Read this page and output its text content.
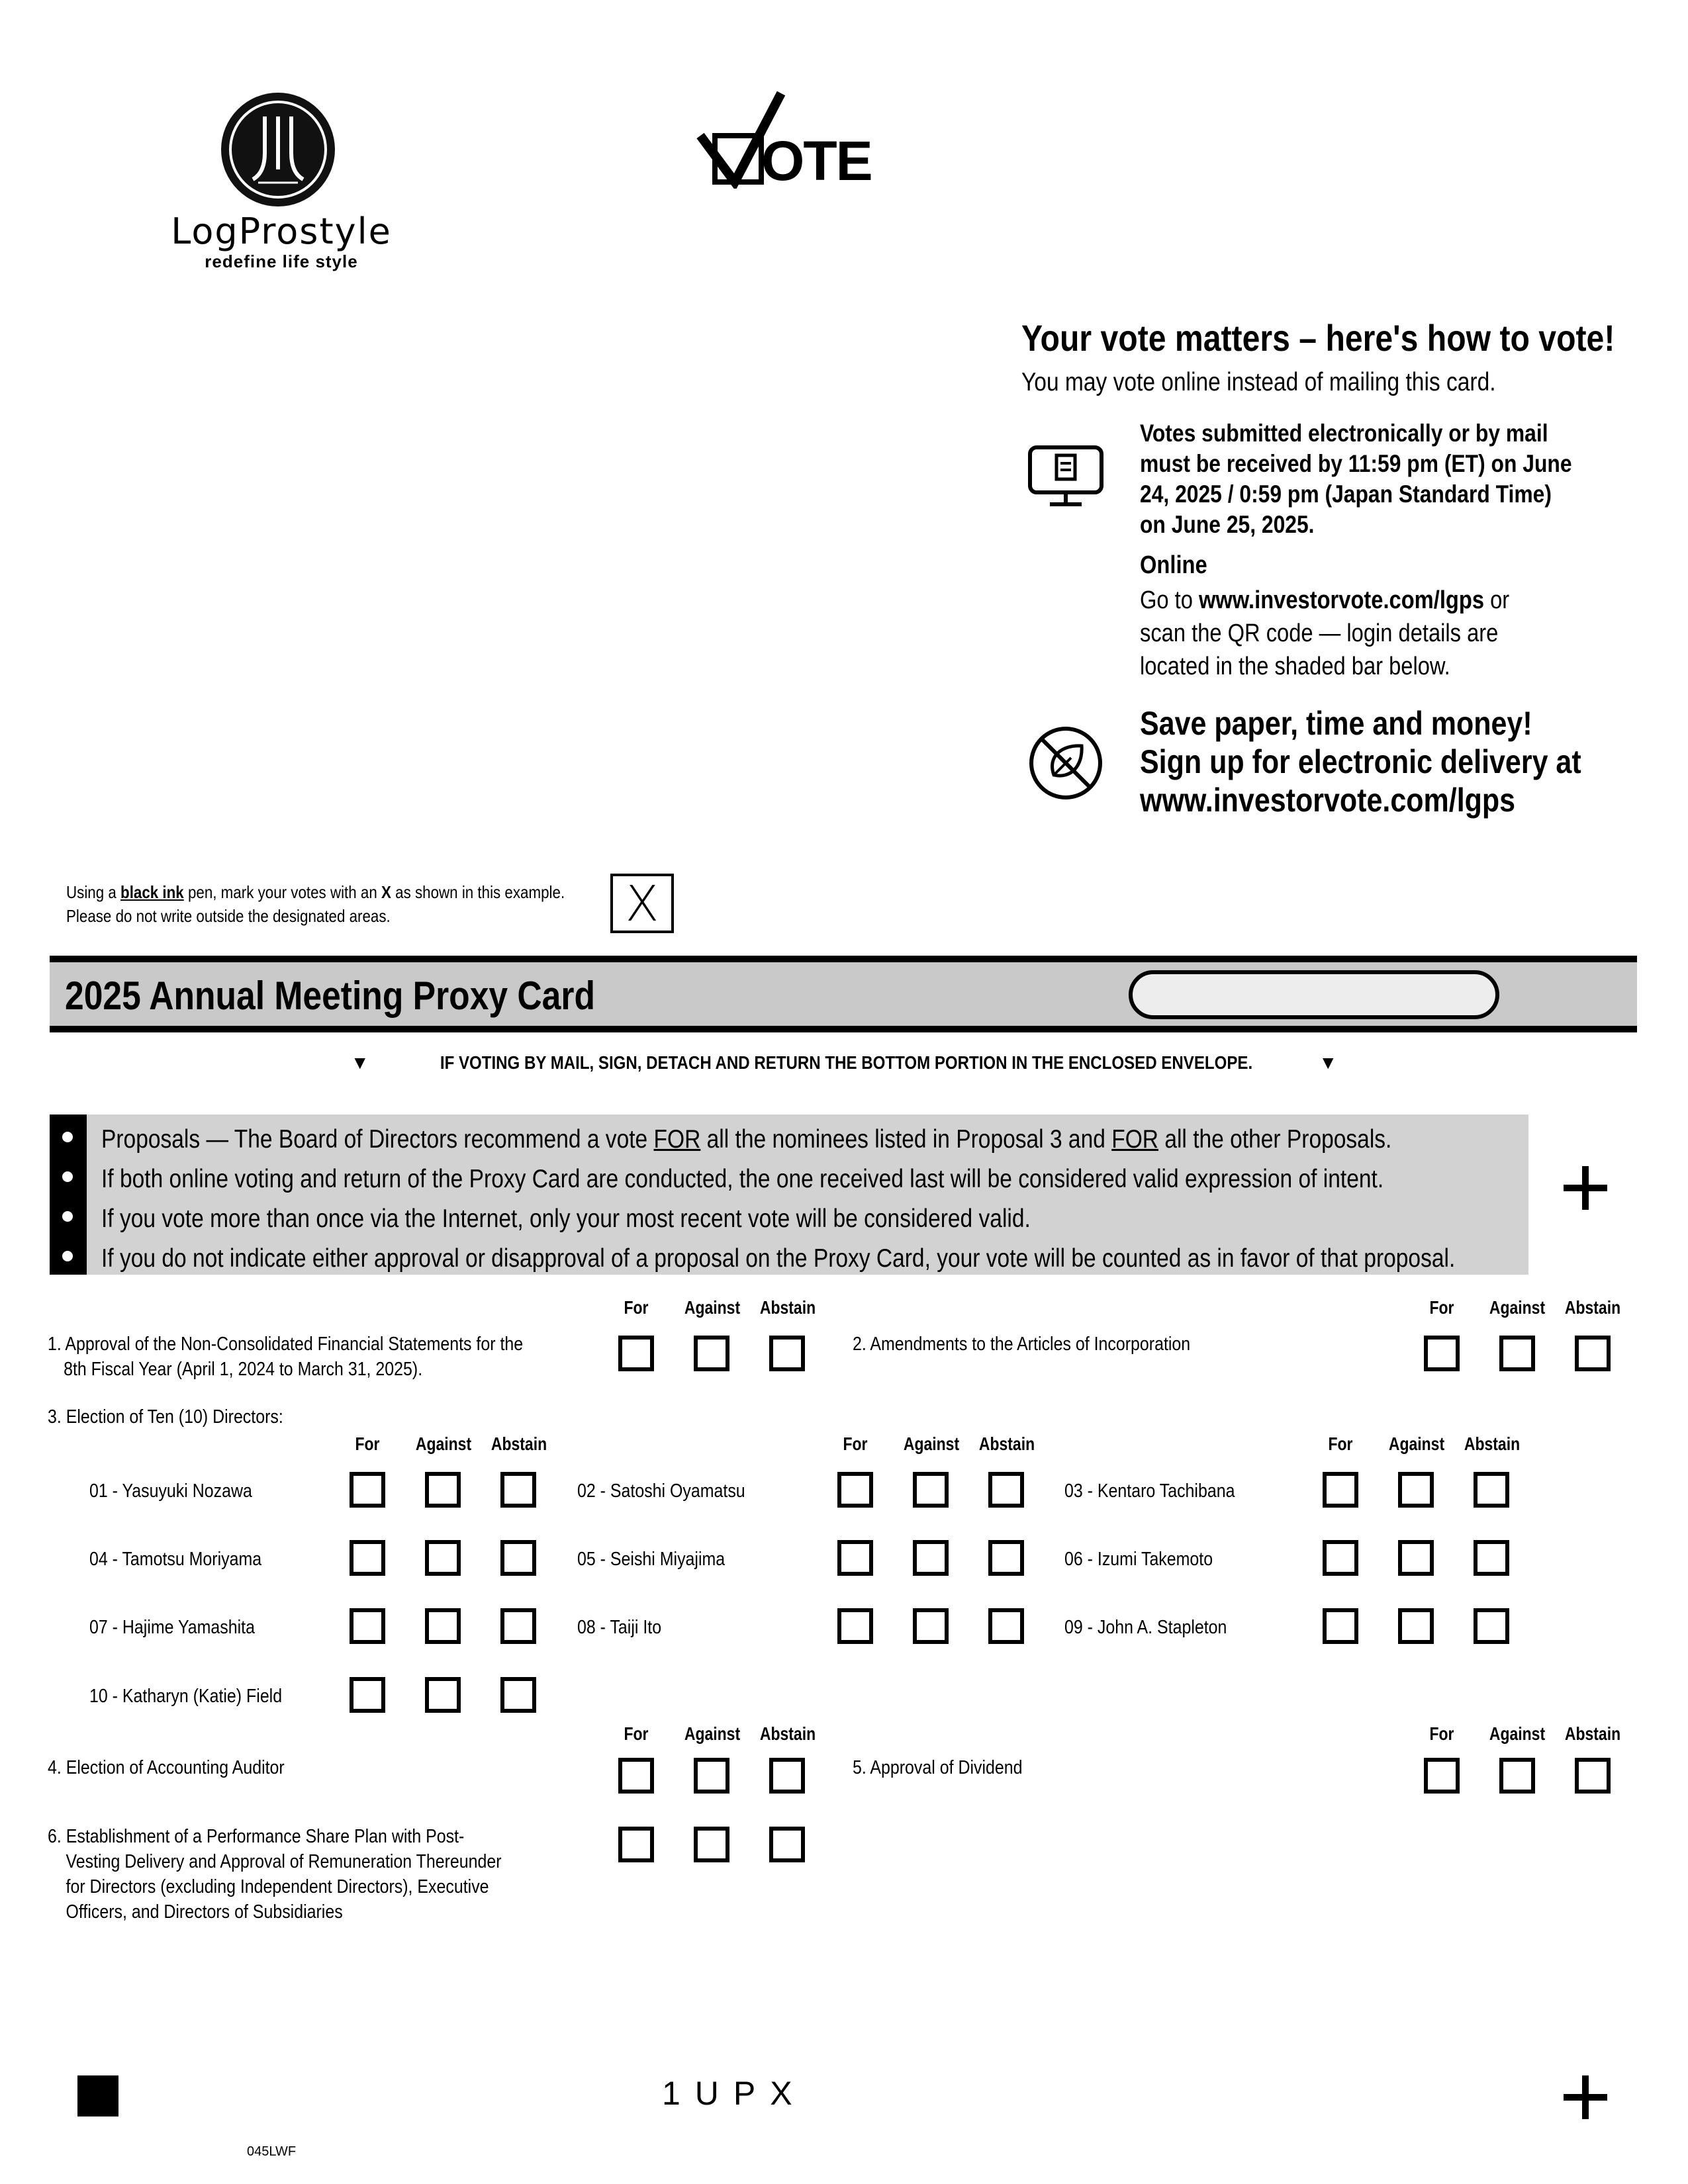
LogProstyle
redefine life style
OTE
Your vote matters – here's how to vote!
You may vote online instead of mailing this card.
Votes submitted electronically or by mail must be received by 11:59 pm (ET) on June 24, 2025 / 0:59 pm (Japan Standard Time) on June 25, 2025.
Online
Go to www.investorvote.com/lgps or scan the QR code — login details are located in the shaded bar below.
Save paper, time and money!
Sign up for electronic delivery at
www.investorvote.com/lgps
Using a black ink pen, mark your votes with an X as shown in this example.
Please do not write outside the designated areas.	X
2025 Annual Meeting Proxy Card
▼	IF VOTING BY MAIL, SIGN, DETACH AND RETURN THE BOTTOM PORTION IN THE ENCLOSED ENVELOPE.	▼
Proposals — The Board of Directors recommend a vote FOR all the nominees listed in Proposal 3 and FOR all the other Proposals.
If both online voting and return of the Proxy Card are conducted, the one received last will be considered valid expression of intent.
If you vote more than once via the Internet, only your most recent vote will be considered valid.
If you do not indicate either approval or disapproval of a proposal on the Proxy Card, your vote will be counted as in favor of that proposal.
For	Against	Abstain
1. Approval of the Non-Consolidated Financial Statements for the
8th Fiscal Year (April 1, 2024 to March 31, 2025).
For	Against	Abstain
2. Amendments to the Articles of Incorporation
3. Election of Ten (10) Directors:
For	Against	Abstain	For	Against	Abstain	For	Against	Abstain
01 - Yasuyuki Nozawa	02 - Satoshi Oyamatsu	03 - Kentaro Tachibana
04 - Tamotsu Moriyama	05 - Seishi Miyajima	06 - Izumi Takemoto
07 - Hajime Yamashita	08 - Taiji Ito	09 - John A. Stapleton
10 - Katharyn (Katie) Field
For	Against	Abstain
4. Election of Accounting Auditor
For	Against	Abstain
5. Approval of Dividend
6. Establishment of a Performance Share Plan with Post-
Vesting Delivery and Approval of Remuneration Thereunder
for Directors (excluding Independent Directors), Executive
Officers, and Directors of Subsidiaries
1UPX
045LWF
